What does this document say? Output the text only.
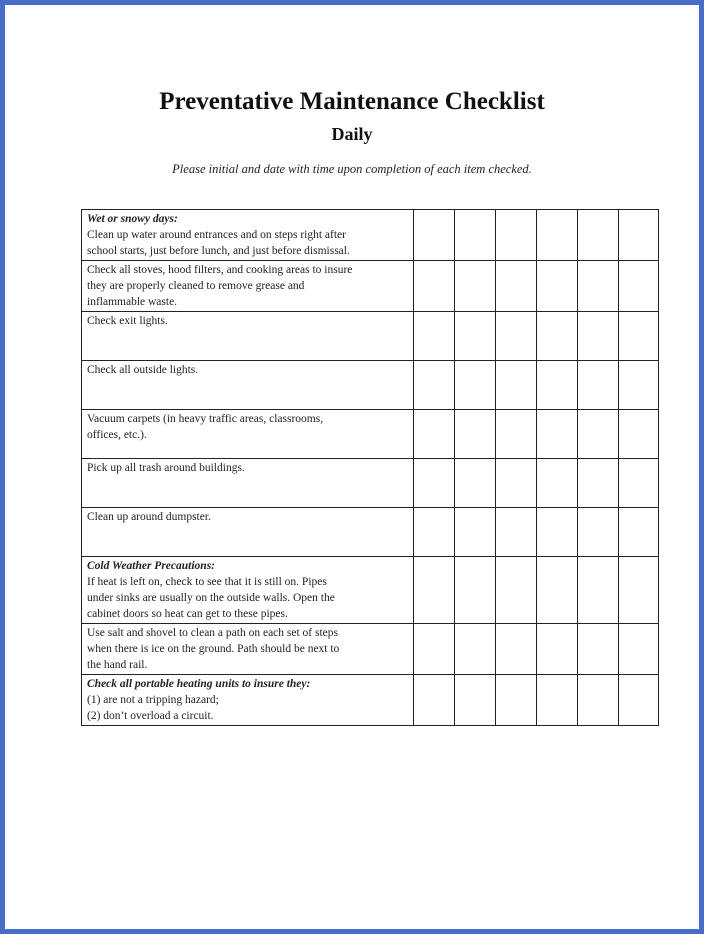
Preventative Maintenance Checklist
Daily
Please initial and date with time upon completion of each item checked.
Wet or snowy days:
Clean up water around entrances and on steps right after
school starts, just before lunch, and just before dismissal.						

Check all stoves, hood filters, and cooking areas to insure
they are properly cleaned to remove grease and
inflammable waste.						

Check exit lights.						

Check all outside lights.						

Vacuum carpets (in heavy traffic areas, classrooms,
offices, etc.).						

Pick up all trash around buildings.						

Clean up around dumpster.						

Cold Weather Precautions:
If heat is left on, check to see that it is still on. Pipes
under sinks are usually on the outside walls. Open the
cabinet doors so heat can get to these pipes.						

Use salt and shovel to clean a path on each set of steps
when there is ice on the ground. Path should be next to
the hand rail.						

Check all portable heating units to insure they:
(1) are not a tripping hazard;
(2) don’t overload a circuit.						
